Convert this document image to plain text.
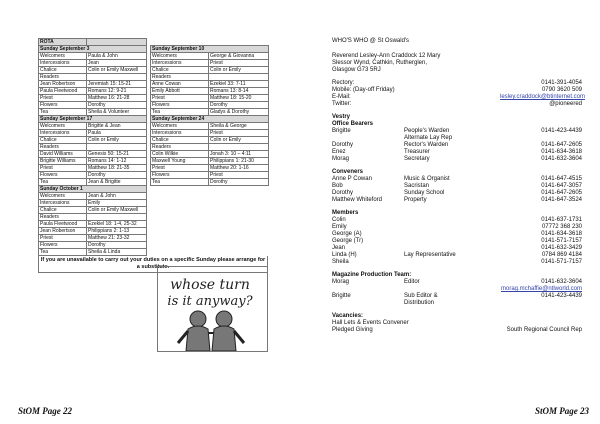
ROTA				
Sunday September 3			Sunday September 10	
Welcomers	Paula & John		Welcomers	George & Giovanna
Intercessions	Jean		Intercessions	Priest
Chalice	Colin or Emily Maxwell		Chalice	Colin or Emily
Readers			Readers	
Jean Robertson	Jeremiah 15: 15-21		Anne Cowan	Ezekiel 33: 7-11
Paula Fleetwood	Romans 12: 9-21		Emily Abbott	Romans 13: 8-14
Priest	Matthew 16: 21-28		Priest	Matthew 18: 15-20
Flowers	Dorothy		Flowers	Dorothy
Tea	Sheila & Volunteer		Tea	Gladys & Dorothy
Sunday September 17			Sunday September 24	
Welcomers	Brigitte & Jean		Welcomers	Sheila & George
Intercessions	Paula		Intercessions	Priest
Chalice	Colin or Emily		Chalice	Colin or Emily
Readers			Readers	
David Williams	Genesis 50: 15-21		Colin Wilkie	Jonah 3: 10 – 4:11
Brigitte Williams	Romans 14: 1-12		Maxwell Young	Philippians 1: 21-30
Priest	Matthew 18: 21-35		Priest	Matthew 20: 1-16
Flowers	Dorothy		Flowers	Priest
Tea	Jean & Brigitte		Tea	Dorothy
Sunday October 1				
Welcomers	Jean & John			
Intercessions	Emily			
Chalice	Colin or Emily Maxwell			
Readers				
Paula Fleetwood	Ezekiel 18: 1-4, 25-32			
Jean Robertson	Philippians 2: 1-13			
Priest	Matthew 21: 23-32			
Flowers	Dorothy			
Tea	Sheila & Linda			
If you are unavailable to carry out your duties on a specific Sunday please arrange for a substitute.
whose turn
is it anyway?
StOM Page 22
WHO'S WHO @ St Oswald's
Reverend Lesley-Ann Craddock 12 Mary
Slessor Wynd, Cathkin, Rutherglen,
Glasgow G73 5RJ
Rectory:	0141-391-4054
Mobile: (Day-off Friday)	0790 3620 509
E-Mail:	lesley.craddock@btinternet.com
Twitter:	@pioneered
Vestry
Office Bearers
Brigitte	People's Warden	0141-423-4439
Alternate Lay Rep
Dorothy	Rector's Warden	0141-647-2605
Enez	Treasurer	0141-634-3618
Morag	Secretary	0141-632-3604
Conveners
Anne P Cowan	Music & Organist	0141-647-4515
Bob	Sacristan	0141-647-3057
Dorothy	Sunday School	0141-647-2605
Matthew Whiteford	Property	0141-647-3524
Members
Colin	0141-637-1731
Emily	07772 368 230
George (A)	0141-634-3618
George (Tr)	0141-571-7157
Jean	0141-632-3429
Linda (H)	Lay Representative	0784 869 4184
Sheila	0141-571-7157
Magazine Production Team:
Morag	Editor	0141-632-3604
morag.mchaffie@ntlworld.com
Brigitte	Sub Editor &	0141-423-4439
Distribution
Vacancies:
Hall Lets & Events Convener
Pledged Giving	South Regional Council Rep
StOM Page 23
